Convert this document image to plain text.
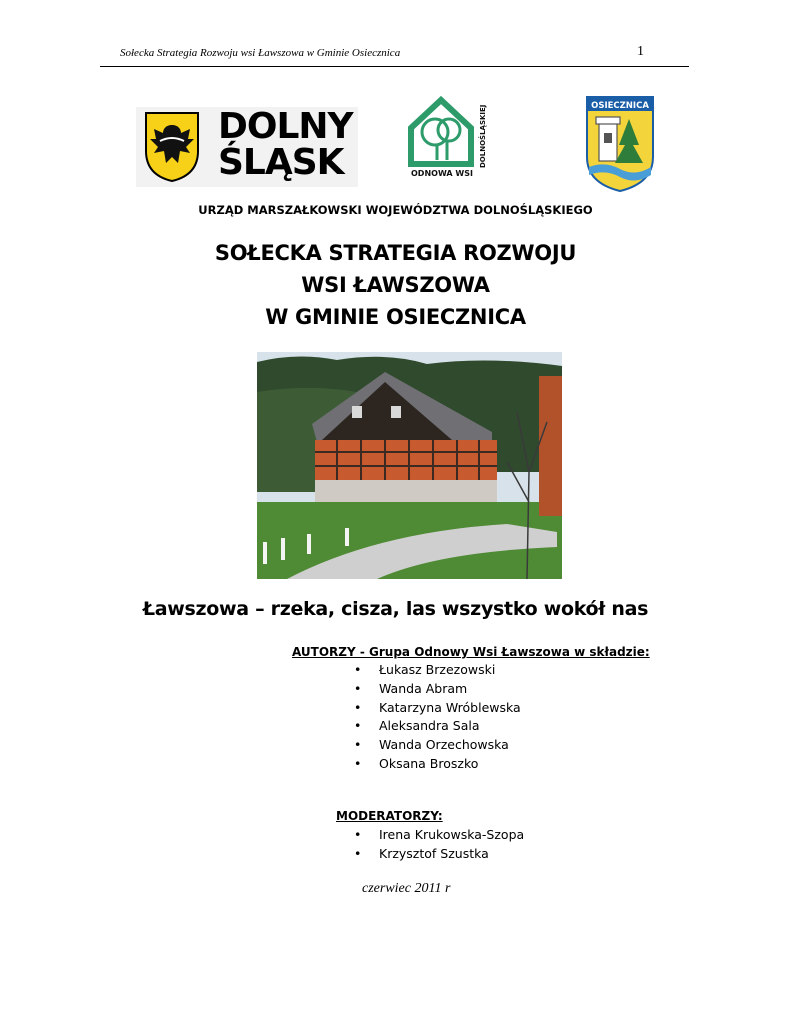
Sołecka Strategia Rozwoju wsi Ławszowa w Gminie Osiecznica	1
DOLNY
ŚLĄSK	ODNOWA WSI
DOLNOŚLĄSKIEJ	OSIECZNICA
URZĄD MARSZAŁKOWSKI WOJEWÓDZTWA DOLNOŚLĄSKIEGO
SOŁECKA STRATEGIA ROZWOJU
WSI ŁAWSZOWA
W GMINIE OSIECZNICA
Ławszowa – rzeka, cisza, las wszystko wokół nas
AUTORZY - Grupa Odnowy Wsi Ławszowa w składzie:
• Łukasz Brzezowski
• Wanda Abram
• Katarzyna Wróblewska
• Aleksandra Sala
• Wanda Orzechowska
• Oksana Broszko
MODERATORZY:
• Irena Krukowska-Szopa
• Krzysztof Szustka
czerwiec 2011 r
